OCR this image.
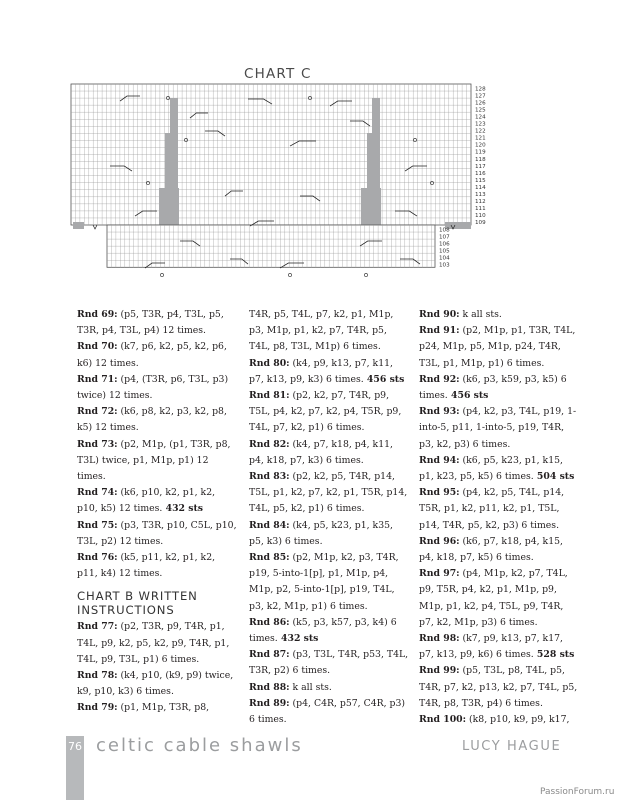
CHART C
128
127
126
125
124
123
122
121
120
119
118
117
116
115
114
113
112
111
110
109
108
107
106
105
104
103

Rnd 69: (p5, T3R, p4, T3L, p5, T3R, p4, T3L, p4) 12 times.

Rnd 70: (k7, p6, k2, p5, k2, p6, k6) 12 times.

Rnd 71: (p4, (T3R, p6, T3L, p3) twice) 12 times.

Rnd 72: (k6, p8, k2, p3, k2, p8, k5) 12 times.

Rnd 73: (p2, M1p, (p1, T3R, p8, T3L) twice, p1, M1p, p1) 12 times.

Rnd 74: (k6, p10, k2, p1, k2, p10, k5) 12 times. 432 sts

Rnd 75: (p3, T3R, p10, C5L, p10, T3L, p2) 12 times.

Rnd 76: (k5, p11, k2, p1, k2, p11, k4) 12 times.

CHART B WRITTEN INSTRUCTIONS

Rnd 77: (p2, T3R, p9, T4R, p1, T4L, p9, k2, p5, k2, p9, T4R, p1, T4L, p9, T3L, p1) 6 times.

Rnd 78: (k4, p10, (k9, p9) twice, k9, p10, k3) 6 times.

Rnd 79: (p1, M1p, T3R, p8,

T4R, p5, T4L, p7, k2, p1, M1p, p3, M1p, p1, k2, p7, T4R, p5, T4L, p8, T3L, M1p) 6 times.

Rnd 80: (k4, p9, k13, p7, k11, p7, k13, p9, k3) 6 times. 456 sts

Rnd 81: (p2, k2, p7, T4R, p9, T5L, p4, k2, p7, k2, p4, T5R, p9, T4L, p7, k2, p1) 6 times.

Rnd 82: (k4, p7, k18, p4, k11, p4, k18, p7, k3) 6 times.

Rnd 83: (p2, k2, p5, T4R, p14, T5L, p1, k2, p7, k2, p1, T5R, p14, T4L, p5, k2, p1) 6 times.

Rnd 84: (k4, p5, k23, p1, k35, p5, k3) 6 times.

Rnd 85: (p2, M1p, k2, p3, T4R, p19, 5-into-1[p], p1, M1p, p4, M1p, p2, 5-into-1[p], p19, T4L, p3, k2, M1p, p1) 6 times.

Rnd 86: (k5, p3, k57, p3, k4) 6 times. 432 sts

Rnd 87: (p3, T3L, T4R, p53, T4L, T3R, p2) 6 times.

Rnd 88: k all sts.

Rnd 89: (p4, C4R, p57, C4R, p3) 6 times.

Rnd 90: k all sts.

Rnd 91: (p2, M1p, p1, T3R, T4L, p24, M1p, p5, M1p, p24, T4R, T3L, p1, M1p, p1) 6 times.

Rnd 92: (k6, p3, k59, p3, k5) 6 times. 456 sts

Rnd 93: (p4, k2, p3, T4L, p19, 1-into-5, p11, 1-into-5, p19, T4R, p3, k2, p3) 6 times.

Rnd 94: (k6, p5, k23, p1, k15, p1, k23, p5, k5) 6 times. 504 sts

Rnd 95: (p4, k2, p5, T4L, p14, T5R, p1, k2, p11, k2, p1, T5L, p14, T4R, p5, k2, p3) 6 times.

Rnd 96: (k6, p7, k18, p4, k15, p4, k18, p7, k5) 6 times.

Rnd 97: (p4, M1p, k2, p7, T4L, p9, T5R, p4, k2, p1, M1p, p9, M1p, p1, k2, p4, T5L, p9, T4R, p7, k2, M1p, p3) 6 times.

Rnd 98: (k7, p9, k13, p7, k17, p7, k13, p9, k6) 6 times. 528 sts

Rnd 99: (p5, T3L, p8, T4L, p5, T4R, p7, k2, p13, k2, p7, T4L, p5, T4R, p8, T3R, p4) 6 times.

Rnd 100: (k8, p10, k9, p9, k17,

76 celtic cable shawls	LUCY HAGUE
PassionForum.ru
